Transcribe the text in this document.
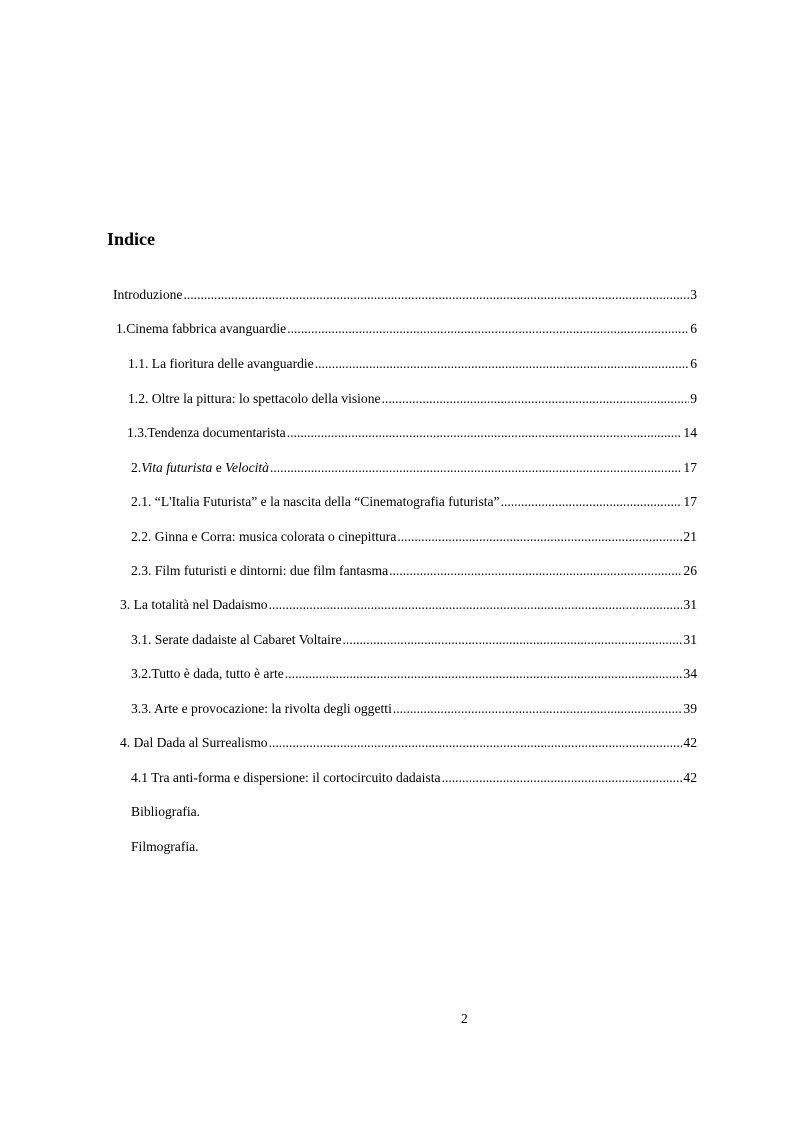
Indice
Introduzione .....	3
1.Cinema fabbrica avanguardie .....	6
1.1. La fioritura delle avanguardie .....	6
1.2. Oltre la pittura: lo spettacolo della visione .....	9
1.3.Tendenza documentarista .....	14
2.Vita futurista e Velocità .....	17
2.1. “L'Italia Futurista” e la nascita della “Cinematografia futurista” .....	17
2.2. Ginna e Corra: musica colorata o cinepittura .....	21
2.3. Film futuristi e dintorni: due film fantasma .....	26
3. La totalità nel Dadaismo .....	31
3.1. Serate dadaiste al Cabaret Voltaire .....	31
3.2.Tutto è dada, tutto è arte .....	34
3.3. Arte e provocazione: la rivolta degli oggetti .....	39
4. Dal Dada al Surrealismo .....	42
4.1 Tra anti-forma e dispersione: il cortocircuito dadaista .....	42
Bibliografia.
Filmografia.
2
